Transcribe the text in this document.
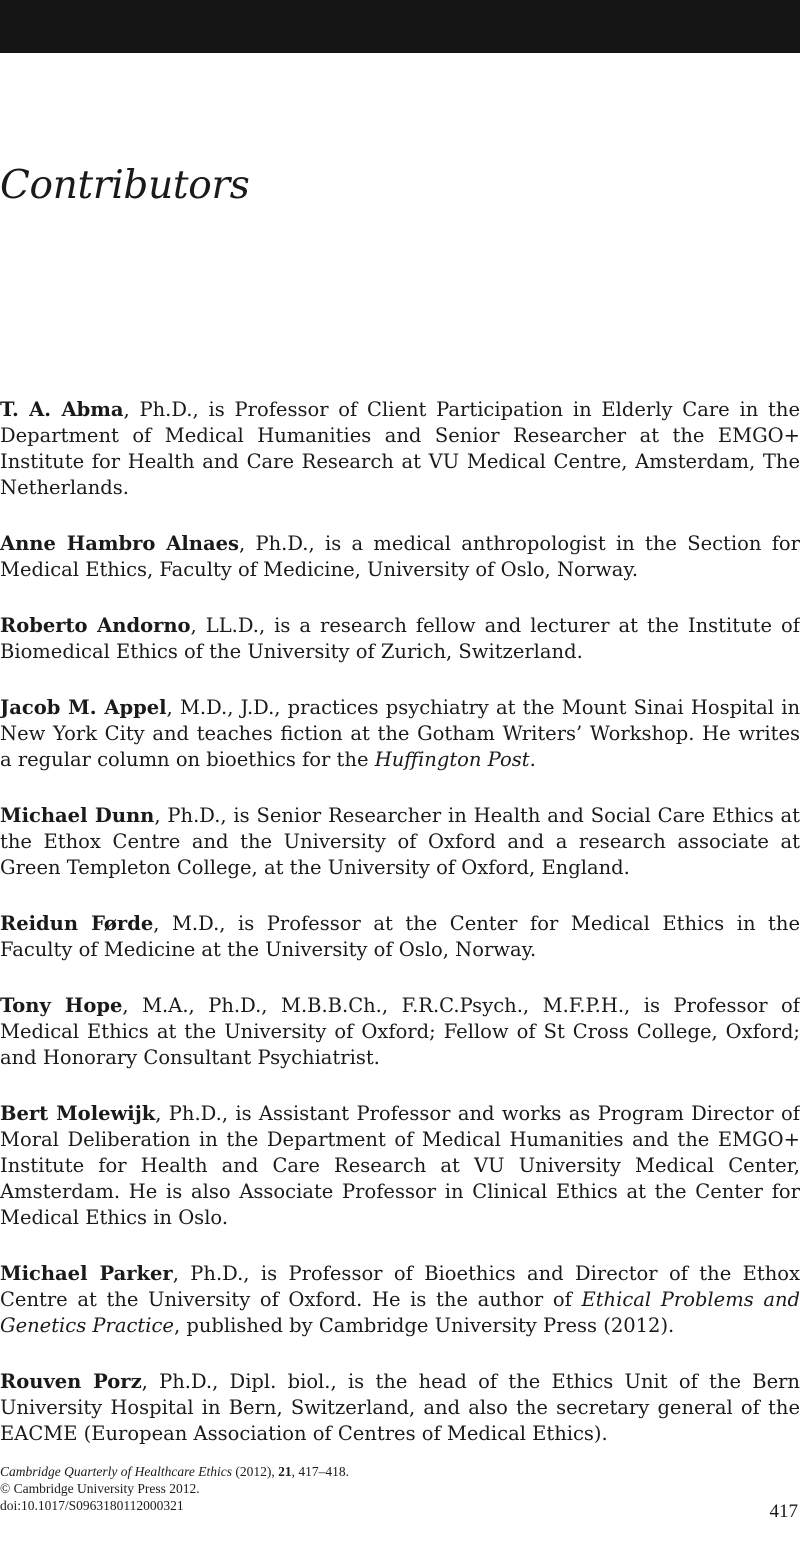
Contributors

T. A. Abma, Ph.D., is Professor of Client Participation in Elderly Care in the Department of Medical Humanities and Senior Researcher at the EMGO+ Institute for Health and Care Research at VU Medical Centre, Amsterdam, The Netherlands.

Anne Hambro Alnaes, Ph.D., is a medical anthropologist in the Section for Medical Ethics, Faculty of Medicine, University of Oslo, Norway.

Roberto Andorno, LL.D., is a research fellow and lecturer at the Institute of Biomedical Ethics of the University of Zurich, Switzerland.

Jacob M. Appel, M.D., J.D., practices psychiatry at the Mount Sinai Hospital in New York City and teaches fiction at the Gotham Writers’ Workshop. He writes a regular column on bioethics for the Huffington Post.

Michael Dunn, Ph.D., is Senior Researcher in Health and Social Care Ethics at the Ethox Centre and the University of Oxford and a research associate at Green Templeton College, at the University of Oxford, England.

Reidun Førde, M.D., is Professor at the Center for Medical Ethics in the Faculty of Medicine at the University of Oslo, Norway.

Tony Hope, M.A., Ph.D., M.B.B.Ch., F.R.C.Psych., M.F.P.H., is Professor of Medical Ethics at the University of Oxford; Fellow of St Cross College, Oxford; and Honorary Consultant Psychiatrist.

Bert Molewijk, Ph.D., is Assistant Professor and works as Program Director of Moral Deliberation in the Department of Medical Humanities and the EMGO+ Institute for Health and Care Research at VU University Medical Center, Amsterdam. He is also Associate Professor in Clinical Ethics at the Center for Medical Ethics in Oslo.

Michael Parker, Ph.D., is Professor of Bioethics and Director of the Ethox Centre at the University of Oxford. He is the author of Ethical Problems and Genetics Practice, published by Cambridge University Press (2012).

Rouven Porz, Ph.D., Dipl. biol., is the head of the Ethics Unit of the Bern University Hospital in Bern, Switzerland, and also the secretary general of the EACME (European Association of Centres of Medical Ethics).

Cambridge Quarterly of Healthcare Ethics (2012), 21, 417–418.
© Cambridge University Press 2012.
doi:10.1017/S0963180112000321	417
